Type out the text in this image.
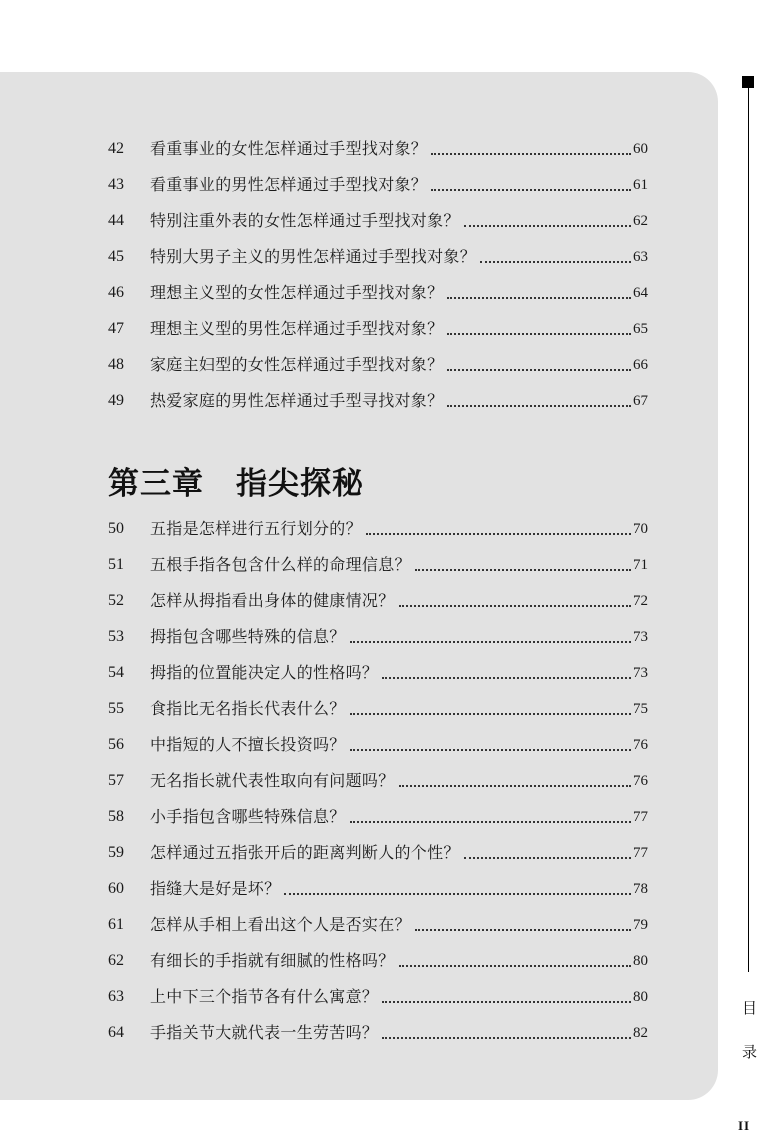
42 看重事业的女性怎样通过手型找对象？	60
43 看重事业的男性怎样通过手型找对象？	61
44 特别注重外表的女性怎样通过手型找对象？	62
45 特别大男子主义的男性怎样通过手型找对象？	63
46 理想主义型的女性怎样通过手型找对象？	64
47 理想主义型的男性怎样通过手型找对象？	65
48 家庭主妇型的女性怎样通过手型找对象？	66
49 热爱家庭的男性怎样通过手型寻找对象？	67
第三章　指尖探秘
50 五指是怎样进行五行划分的？	70
51 五根手指各包含什么样的命理信息？	71
52 怎样从拇指看出身体的健康情况？	72
53 拇指包含哪些特殊的信息？	73
54 拇指的位置能决定人的性格吗？	73
55 食指比无名指长代表什么？	75
56 中指短的人不擅长投资吗？	76
57 无名指长就代表性取向有问题吗？	76
58 小手指包含哪些特殊信息？	77
59 怎样通过五指张开后的距离判断人的个性？	77
60 指缝大是好是坏？	78
61 怎样从手相上看出这个人是否实在？	79
62 有细长的手指就有细腻的性格吗？	80
63 上中下三个指节各有什么寓意？	80
64 手指关节大就代表一生劳苦吗？	82
目
录
II
